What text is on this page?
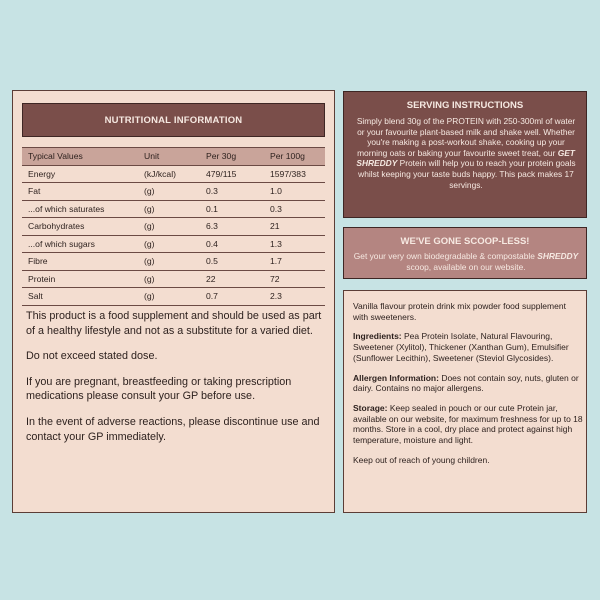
NUTRITIONAL INFORMATION
Typical Values	Unit	Per 30g	Per 100g
Energy	(kJ/kcal)	479/115	1597/383
Fat	(g)	0.3	1.0
...of which saturates	(g)	0.1	0.3
Carbohydrates	(g)	6.3	21
...of which sugars	(g)	0.4	1.3
Fibre	(g)	0.5	1.7
Protein	(g)	22	72
Salt	(g)	0.7	2.3

This product is a food supplement and should be used as part of a healthy lifestyle and not as a substitute for a varied diet.

Do not exceed stated dose.

If you are pregnant, breastfeeding or taking prescription medications please consult your GP before use.

In the event of adverse reactions, please discontinue use and contact your GP immediately.

SERVING INSTRUCTIONS
Simply blend 30g of the PROTEIN with 250-300ml of water or your favourite plant-based milk and shake well. Whether you're making a post-workout shake, cooking up your morning oats or baking your favourite sweet treat, our GET SHREDDY Protein will help you to reach your protein goals whilst keeping your taste buds happy. This pack makes 17 servings.
WE'VE GONE SCOOP-LESS!
Get your very own biodegradable & compostable SHREDDY scoop, available on our website.

Vanilla flavour protein drink mix powder food supplement with sweeteners.

Ingredients: Pea Protein Isolate, Natural Flavouring, Sweetener (Xylitol), Thickener (Xanthan Gum), Emulsifier (Sunflower Lecithin), Sweetener (Steviol Glycosides).

Allergen Information: Does not contain soy, nuts, gluten or dairy. Contains no major allergens.

Storage: Keep sealed in pouch or our cute Protein jar, available on our website, for maximum freshness for up to 18 months. Store in a cool, dry place and protect against high temperature, moisture and light.

Keep out of reach of young children.
